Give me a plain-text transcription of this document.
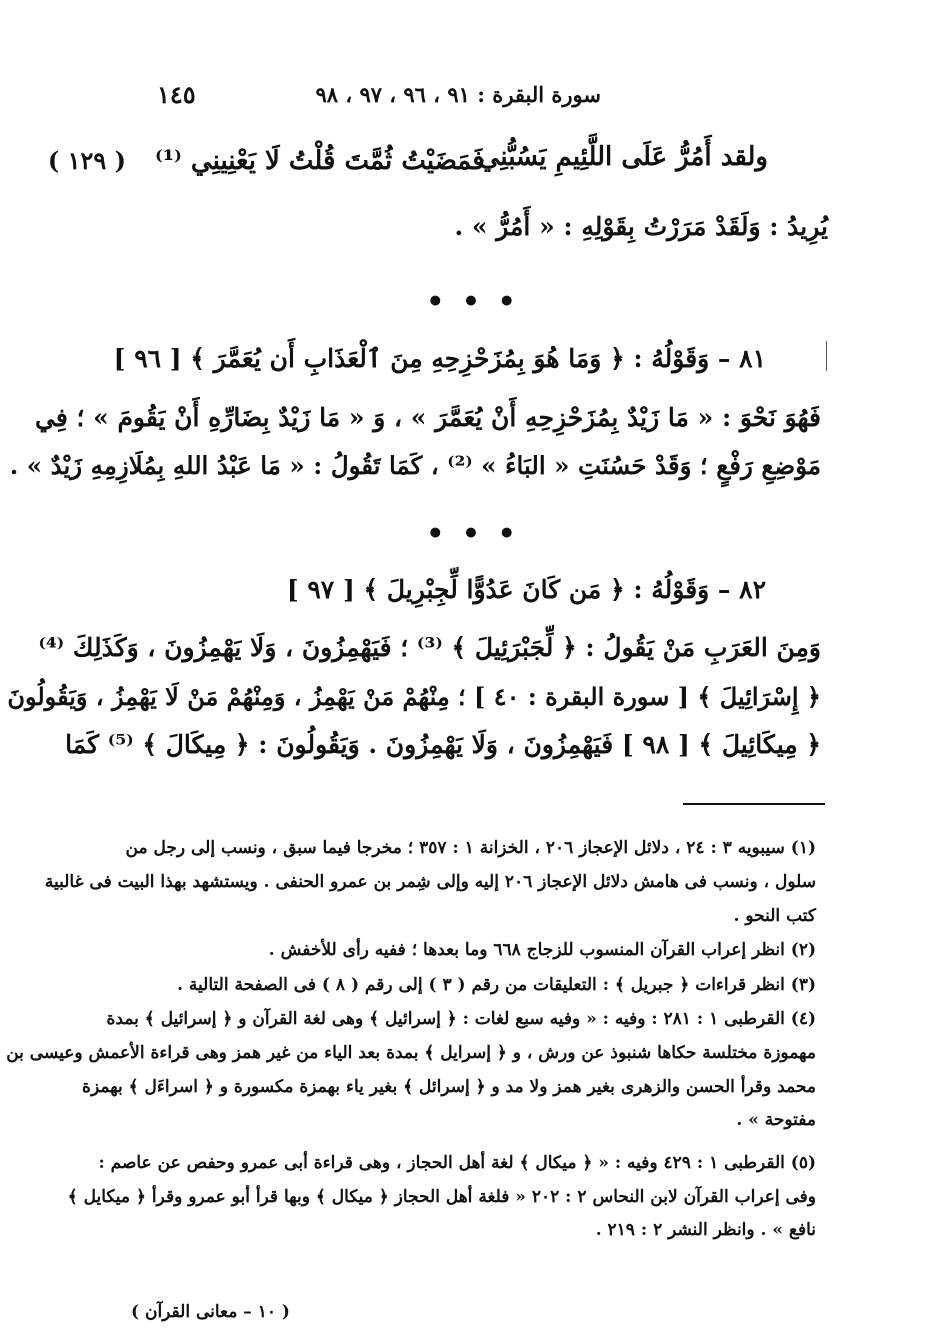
سورة البقرة : ٩١ ، ٩٦ ، ٩٧ ، ٩٨
١٤٥
( ١٢٩ )	ولقد أَمُرُّ عَلَى اللَّئِيمِ يَسُبُّنِي
فَمَضَيْتُ ثُمَّتَ قُلْتُ لَا يَعْنِينِي ⁽¹⁾
يُرِيدُ : وَلَقَدْ مَرَرْتُ بِقَوْلِهِ : « أَمُرُّ » .
• • •
٨١ – وَقَوْلُهُ : ﴿ وَمَا هُوَ بِمُزَحْزِحِهِ مِنَ ٱلْعَذَابِ أَن يُعَمَّرَ ﴾ [ ٩٦ ]
فَهُوَ نَحْوَ : « مَا زَيْدٌ بِمُزَحْزِحِهِ أَنْ يُعَمَّرَ » ، وَ « مَا زَيْدٌ بِضَارِّهِ أَنْ يَقُومَ » ؛ فِي
مَوْضِعِ رَفْعٍ ؛ وَقَدْ حَسُنَتِ « البَاءُ » ⁽²⁾ ، كَمَا تَقُولُ : « مَا عَبْدُ اللهِ بِمُلَازِمِهِ زَيْدٌ » .
• • •
٨٢ – وَقَوْلُهُ : ﴿ مَن كَانَ عَدُوًّا لِّجِبْرِيلَ ﴾ [ ٩٧ ]
وَمِنَ العَرَبِ مَنْ يَقُولُ : ﴿ لِّجَبْرَئِيلَ ﴾ ⁽³⁾ ؛ فَيَهْمِزُونَ ، وَلَا يَهْمِزُونَ ، وَكَذَلِكَ ⁽⁴⁾
﴿ إِسْرَائِيلَ ﴾ [ سورة البقرة : ٤٠ ] ؛ مِنْهُمْ مَنْ يَهْمِزُ ، وَمِنْهُمْ مَنْ لَا يَهْمِزُ ، وَيَقُولُونَ
﴿ مِيكَائِيلَ ﴾ [ ٩٨ ] فَيَهْمِزُونَ ، وَلَا يَهْمِزُونَ . وَيَقُولُونَ : ﴿ مِيكَالَ ﴾ ⁽⁵⁾ كَمَا
(١) سيبويه ٣ : ٢٤ ، دلائل الإعجاز ٢٠٦ ، الخزانة ١ : ٣٥٧ ؛ مخرجا فيما سبق ، ونسب إلى رجل من
سلول ، ونسب فى هامش دلائل الإعجاز ٢٠٦ إليه وإلى شِمر بن عمرو الحنفى . ويستشهد بهذا البيت فى غالبية
كتب النحو .
(٢) انظر إعراب القرآن المنسوب للزجاج ٦٦٨ وما بعدها ؛ ففيه رأى للأخفش .
(٣) انظر قراءات ﴿ جبريل ﴾ : التعليقات من رقم ( ٣ ) إلى رقم ( ٨ ) فى الصفحة التالية .
(٤) القرطبى ١ : ٢٨١ : وفيه : « وفيه سبع لغات : ﴿ إسرائيل ﴾ وهى لغة القرآن و ﴿ إسرائيل ﴾ بمدة
مهموزة مختلسة حكاها شنبوذ عن ورش ، و ﴿ إسرايل ﴾ بمدة بعد الياء من غير همز وهى قراءة الأعمش وعيسى بن
محمد وقرأ الحسن والزهرى بغير همز ولا مد و ﴿ إسرائل ﴾ بغير ياء بهمزة مكسورة و ﴿ اسراءَل ﴾ بهمزة
مفتوحة » .
(٥) القرطبى ١ : ٤٢٩ وفيه : « ﴿ ميكال ﴾ لغة أهل الحجاز ، وهى قراءة أبى عمرو وحفص عن عاصم :
وفى إعراب القرآن لابن النحاس ٢ : ٢٠٢ « فلغة أهل الحجاز ﴿ ميكال ﴾ وبها قرأ أبو عمرو وقرأ ﴿ ميكايل ﴾
نافع » . وانظر النشر ٢ : ٢١٩ .
( ١٠ – معانى القرآن )
